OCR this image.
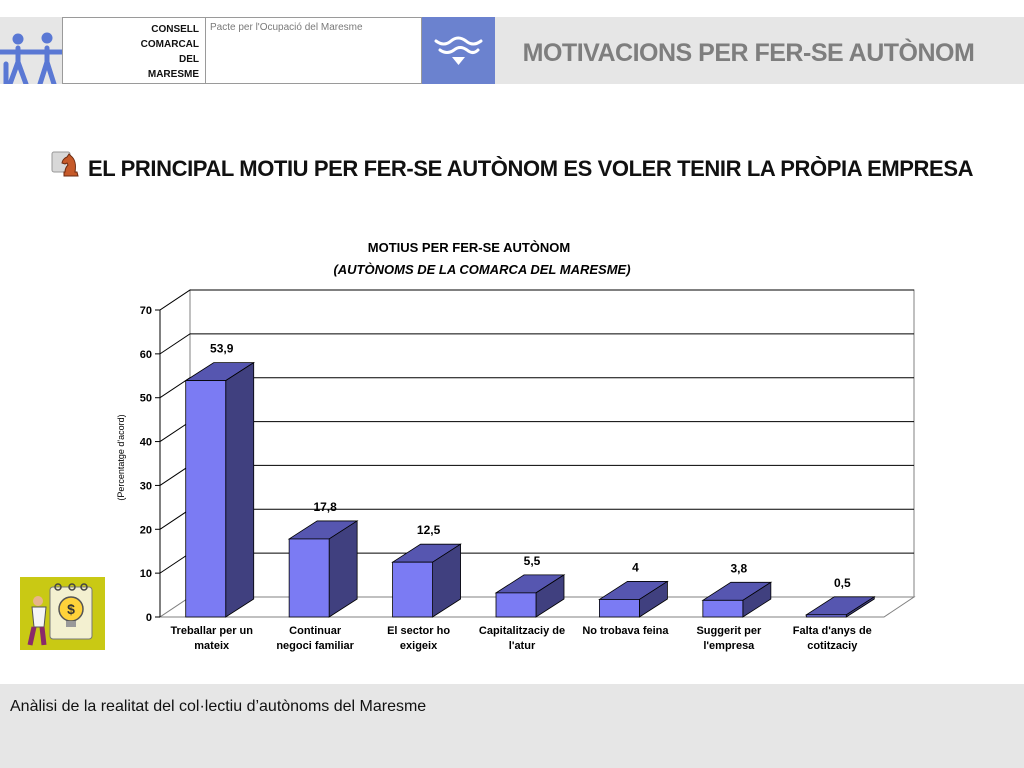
CONSELL
COMARCAL
DEL
MARESME
Pacte per l'Ocupació del Maresme
MOTIVACIONS PER FER-SE AUTÒNOM
EL PRINCIPAL MOTIU PER FER-SE AUTÒNOM ES VOLER TENIR LA PRÒPIA EMPRESA
MOTIUS PER FER-SE AUTÒNOM
(AUTÒNOMS DE LA COMARCA DEL MARESME)
0
10
20
30
40
50
60
70
53,9
17,8
12,5
5,5	4	3,8
0,5
Treballar per un
mateix
Continuar
negoci familiar
El sector ho
exigeix
Capitalitzaciy de
l'atur
No trobava feina	Suggerit per
l'empresa
Falta d'anys de
cotitzaciy
(Percentatge d'acord)
$
Anàlisi de la realitat del col·lectiu d’autònoms del Maresme
